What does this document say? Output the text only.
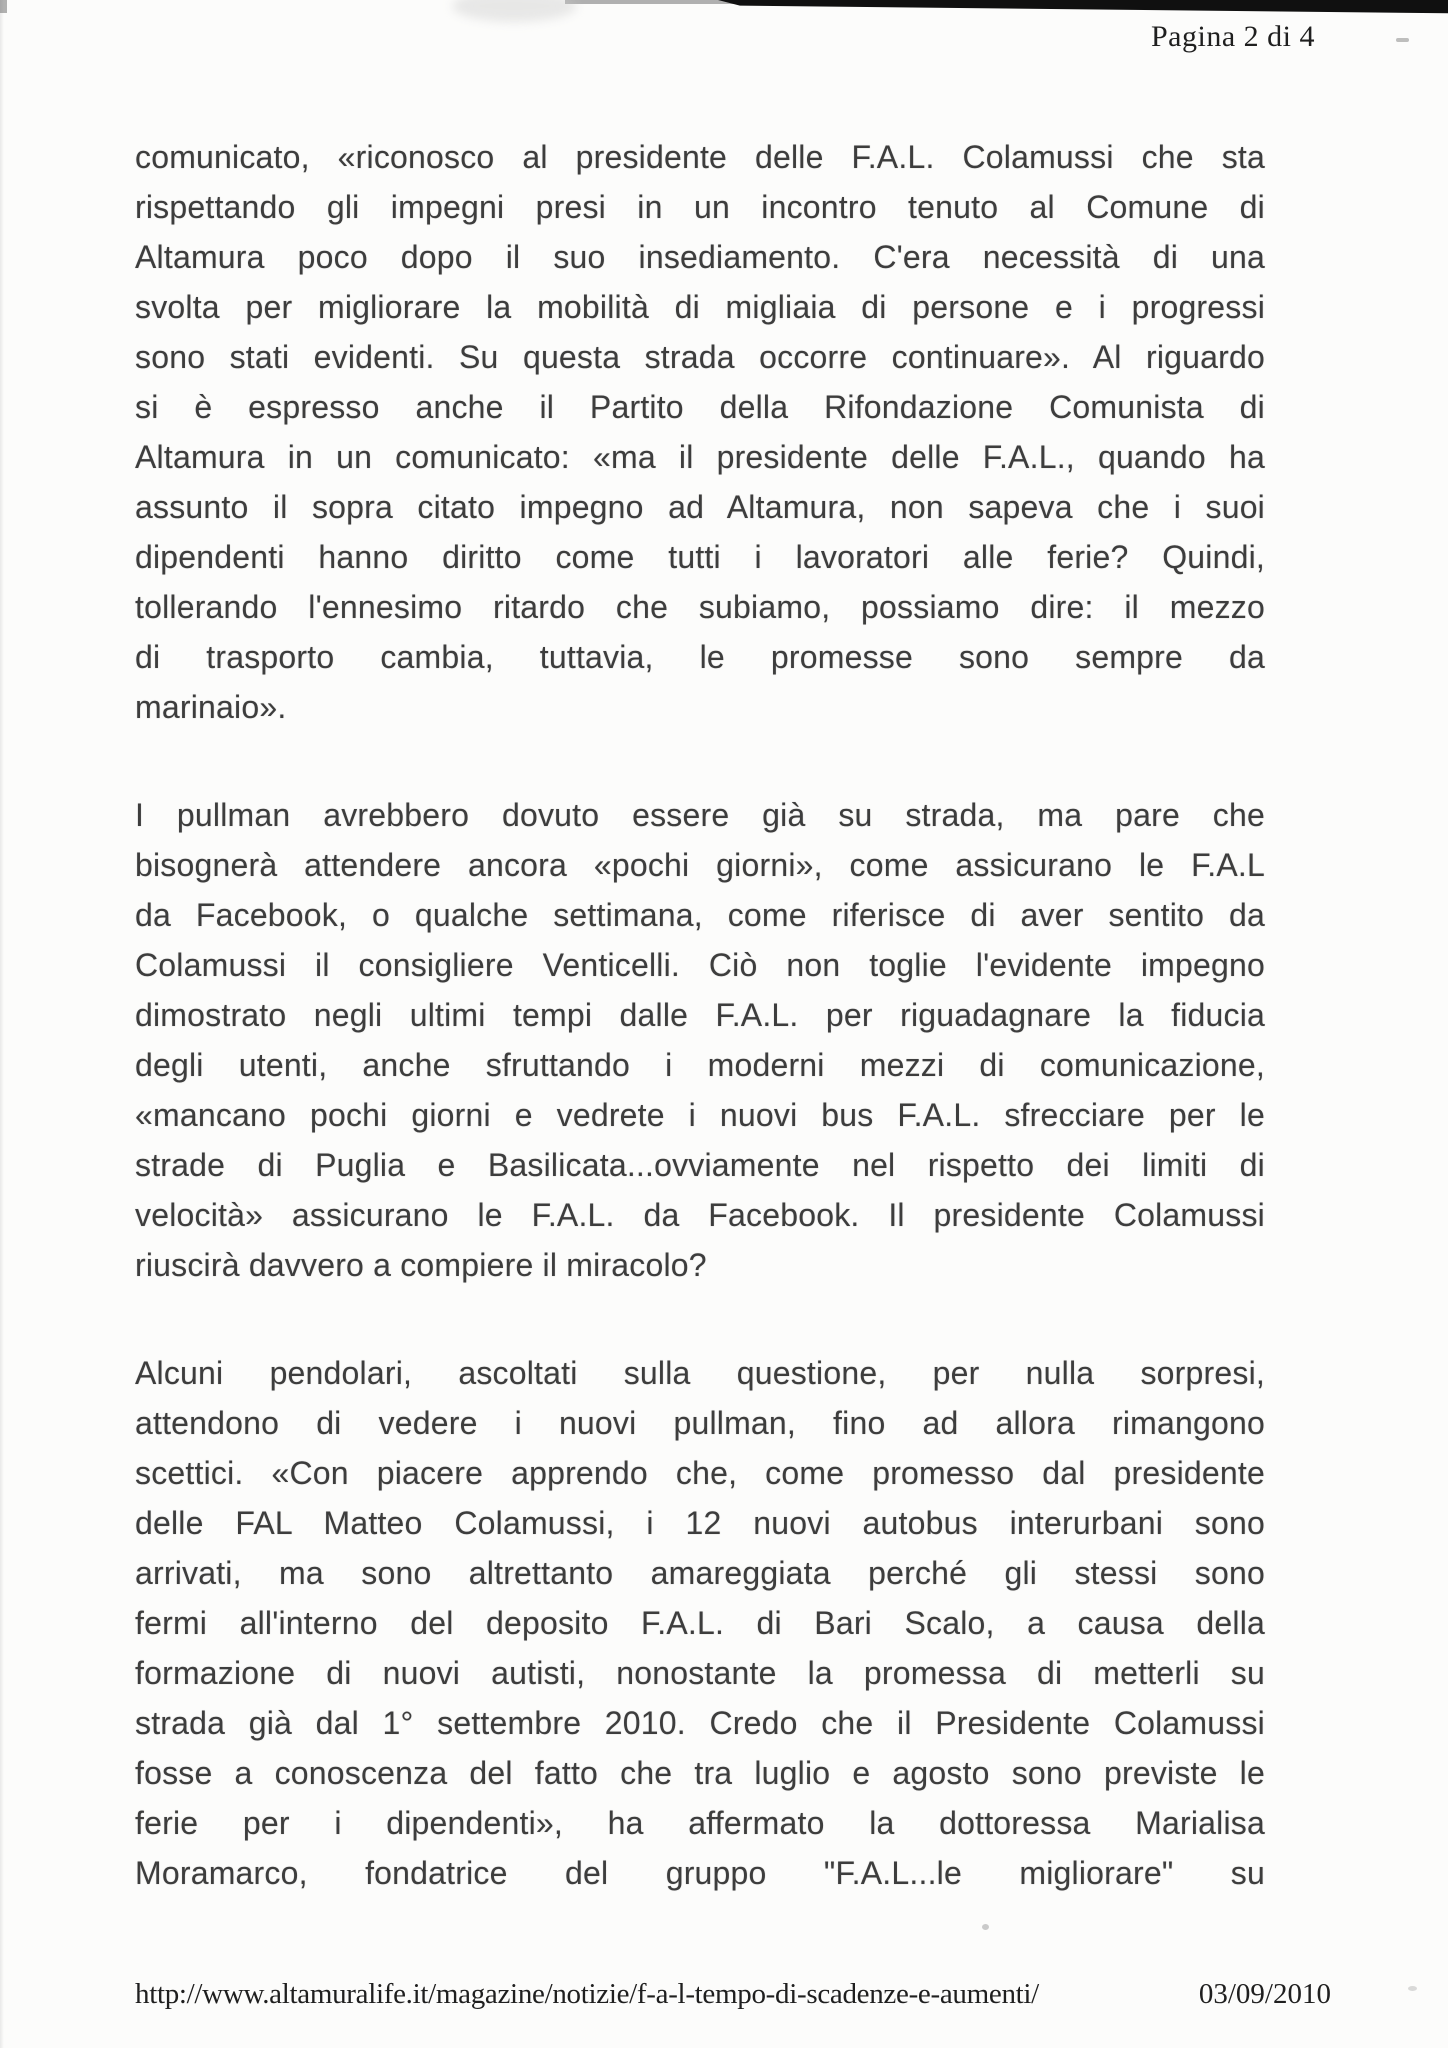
Pagina 2 di 4
comunicato, «riconosco al presidente delle F.A.L. Colamussi che sta
rispettando gli impegni presi in un incontro tenuto al Comune di
Altamura poco dopo il suo insediamento. C'era necessità di una
svolta per migliorare la mobilità di migliaia di persone e i progressi
sono stati evidenti. Su questa strada occorre continuare». Al riguardo
si è espresso anche il Partito della Rifondazione Comunista di
Altamura in un comunicato: «ma il presidente delle F.A.L., quando ha
assunto il sopra citato impegno ad Altamura, non sapeva che i suoi
dipendenti hanno diritto come tutti i lavoratori alle ferie? Quindi,
tollerando l'ennesimo ritardo che subiamo, possiamo dire: il mezzo
di trasporto cambia, tuttavia, le promesse sono sempre da
marinaio».
I pullman avrebbero dovuto essere già su strada, ma pare che
bisognerà attendere ancora «pochi giorni», come assicurano le F.A.L
da Facebook, o qualche settimana, come riferisce di aver sentito da
Colamussi il consigliere Venticelli. Ciò non toglie l'evidente impegno
dimostrato negli ultimi tempi dalle F.A.L. per riguadagnare la fiducia
degli utenti, anche sfruttando i moderni mezzi di comunicazione,
«mancano pochi giorni e vedrete i nuovi bus F.A.L. sfrecciare per le
strade di Puglia e Basilicata...ovviamente nel rispetto dei limiti di
velocità» assicurano le F.A.L. da Facebook. Il presidente Colamussi
riuscirà davvero a compiere il miracolo?
Alcuni pendolari, ascoltati sulla questione, per nulla sorpresi,
attendono di vedere i nuovi pullman, fino ad allora rimangono
scettici. «Con piacere apprendo che, come promesso dal presidente
delle FAL Matteo Colamussi, i 12 nuovi autobus interurbani sono
arrivati, ma sono altrettanto amareggiata perché gli stessi sono
fermi all'interno del deposito F.A.L. di Bari Scalo, a causa della
formazione di nuovi autisti, nonostante la promessa di metterli su
strada già dal 1° settembre 2010. Credo che il Presidente Colamussi
fosse a conoscenza del fatto che tra luglio e agosto sono previste le
ferie per i dipendenti», ha affermato la dottoressa Marialisa
Moramarco, fondatrice del gruppo "F.A.L...le migliorare" su
http://www.altamuralife.it/magazine/notizie/f-a-l-tempo-di-scadenze-e-aumenti/	03/09/2010
